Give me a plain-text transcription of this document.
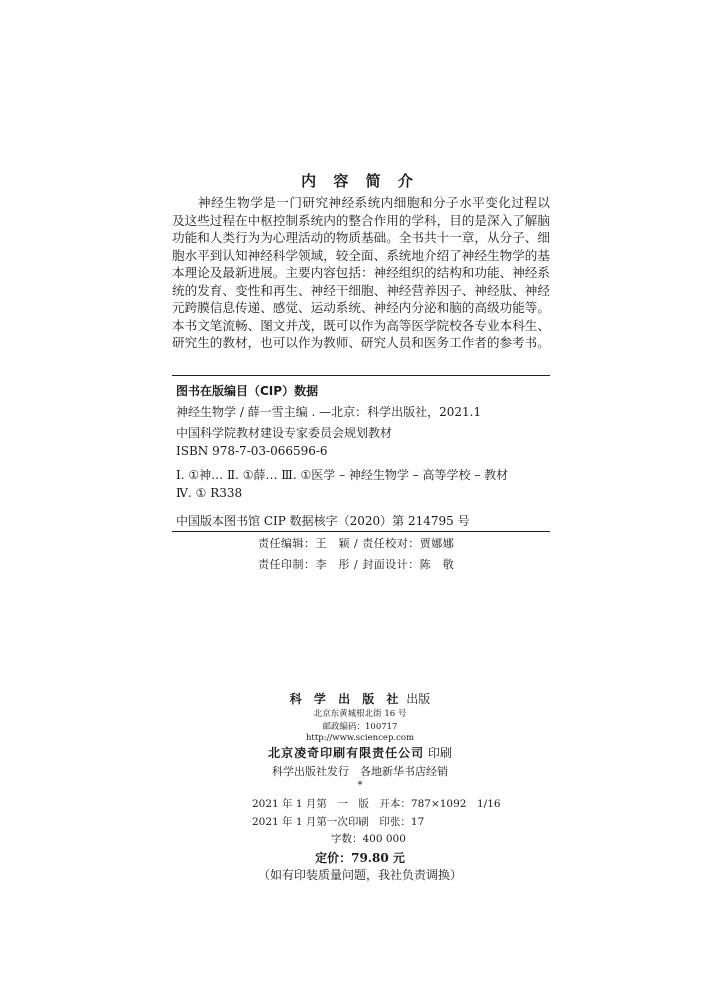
内 容 简 介

神经生物学是一门研究神经系统内细胞和分子水平变化过程以及这些过程在中枢控制系统内的整合作用的学科，目的是深入了解脑功能和人类行为为心理活动的物质基础。全书共十一章，从分子、细胞水平到认知神经科学领域，较全面、系统地介绍了神经生物学的基本理论及最新进展。主要内容包括：神经组织的结构和功能、神经系统的发育、变性和再生、神经干细胞、神经营养因子、神经肽、神经元跨膜信息传递、感觉、运动系统、神经内分泌和脑的高级功能等。本书文笔流畅、图文并茂，既可以作为高等医学院校各专业本科生、研究生的教材，也可以作为教师、研究人员和医务工作者的参考书。

图书在版编目（CIP）数据
神经生物学 / 薛一雪主编 . —北京：科学出版社，2021.1
中国科学院教材建设专家委员会规划教材
ISBN 978-7-03-066596-6
Ⅰ. ①神… Ⅱ. ①薛… Ⅲ. ①医学 – 神经生物学 – 高等学校 – 教材
Ⅳ. ① R338
中国版本图书馆 CIP 数据核字（2020）第 214795 号
责任编辑：王　颖 / 责任校对：贾娜娜
责任印制：李　彤 / 封面设计：陈　敬
科 学 出 版 社 出版
北京东黄城根北街 16 号
邮政编码：100717
http://www.sciencep.com
北京凌奇印刷有限责任公司 印刷
科学出版社发行　各地新华书店经销
*
2021 年 1 月第　一　版　开本：787×1092　1/16
2021 年 1 月第一次印刷　印张：17
字数：400 000
定价：79.80 元
（如有印装质量问题，我社负责调换）
